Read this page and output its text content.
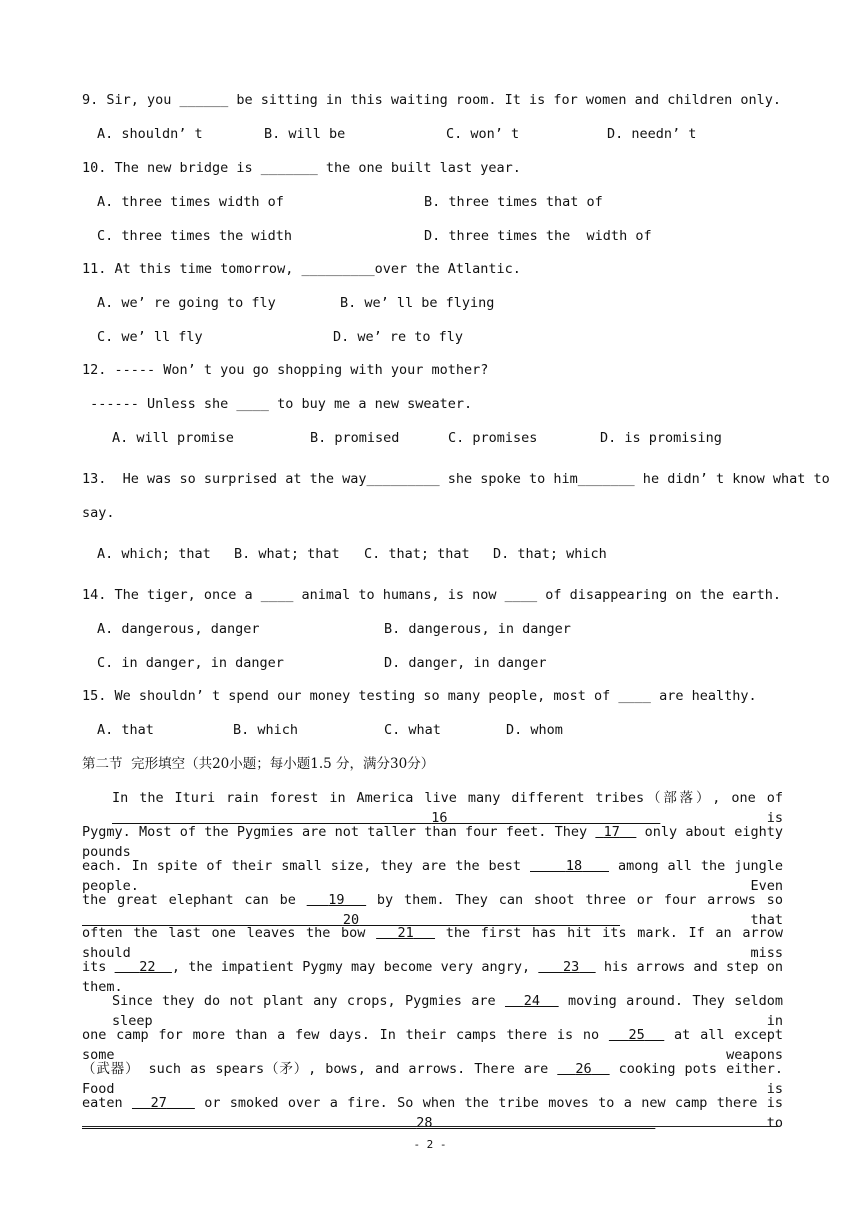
9. Sir, you ______ be sitting in this waiting room. It is for women and children only.
A. shouldn’ t	B. will be	C. won’ t	D. needn’ t
10. The new bridge is _______ the one built last year.
A. three times width of	B. three times that of
C. three times the width	D. three times the  width of
11. At this time tomorrow, _________over the Atlantic.
A. we’ re going to fly	B. we’ ll be flying
C. we’ ll fly	D. we’ re to fly
12. ----- Won’ t you go shopping with your mother?
------ Unless she ____ to buy me a new sweater.
A. will promise	B. promised	C. promises	D. is promising
13.  He was so surprised at the way_________ she spoke to him_______ he didn’ t know what to
say.
A. which; that B. what; that C. that; that D. that; which
14. The tiger, once a ____ animal to humans, is now ____ of disappearing on the earth.
A. dangerous, danger	B. dangerous, in danger
C. in danger, in danger	D. danger, in danger
15. We shouldn’ t spend our money testing so many people, most of ____ are healthy.
A. that	B. which	C. what	D. whom
第二节  完形填空（共20小题；每小题1.5 分，满分30分）
In the Ituri rain forest in America live many different tribes（部落）, one of    16	is
Pygmy. Most of the Pygmies are not taller than four feet. They 17 only about eighty pounds
each. In spite of their small size, they are the best	18	among all the jungle people. Even
the great elephant can be 19 by them. They can shoot three or four arrows so   20	that
often the last one leaves the bow 21 the first has hit its mark. If an arrow should miss
its 22 , the impatient Pygmy may become very angry, 23 his arrows and step on them.
Since they do not plant any crops, Pygmies are 24 moving around. They seldom sleep in
one camp for more than a few days. In their camps there is no 25 at all except some weapons
（武器） such as spears（矛）, bows, and arrows. There are 26 cooking pots either. Food is
eaten 27	or smoked over a fire. So when the tribe moves to a new camp there is    28	to
- 2 -
